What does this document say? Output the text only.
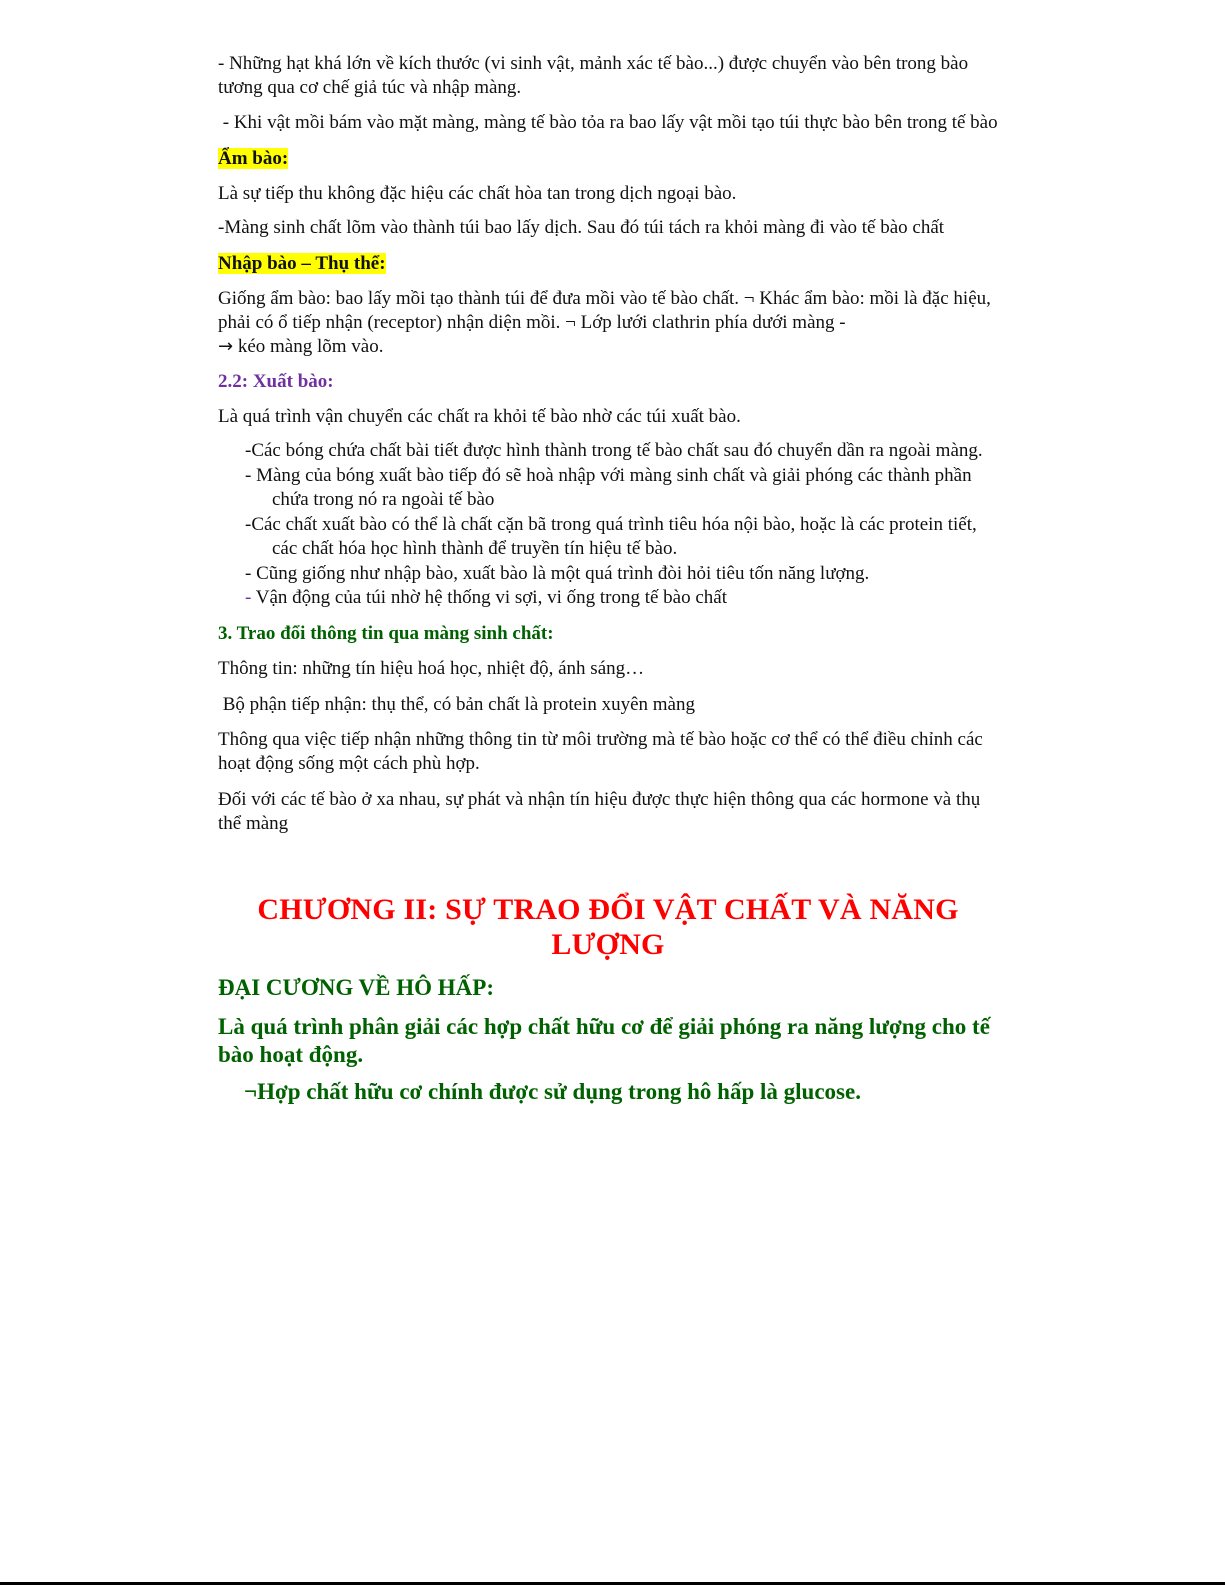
- Những hạt khá lớn về kích thước (vi sinh vật, mảnh xác tế bào...) được chuyển vào bên trong bào tương qua cơ chế giả túc và nhập màng.

- Khi vật mồi bám vào mặt màng, màng tế bào tỏa ra bao lấy vật mồi tạo túi thực bào bên trong tế bào

Ẩm bào:

Là sự tiếp thu không đặc hiệu các chất hòa tan trong dịch ngoại bào.

-Màng sinh chất lõm vào thành túi bao lấy dịch. Sau đó túi tách ra khỏi màng đi vào tế bào chất

Nhập bào – Thụ thể:

Giống ẩm bào: bao lấy mồi tạo thành túi để đưa mồi vào tế bào chất. ¬ Khác ẩm bào: mồi là đặc hiệu, phải có ổ tiếp nhận (receptor) nhận diện mồi. ¬ Lớp lưới clathrin phía dưới màng -
→ kéo màng lõm vào.

2.2: Xuất bào:

Là quá trình vận chuyển các chất ra khỏi tế bào nhờ các túi xuất bào.

-Các bóng chứa chất bài tiết được hình thành trong tế bào chất sau đó chuyển dần ra ngoài màng.
- Màng của bóng xuất bào tiếp đó sẽ hoà nhập với màng sinh chất và giải phóng các thành phần chứa trong nó ra ngoài tế bào
-Các chất xuất bào có thể là chất cặn bã trong quá trình tiêu hóa nội bào, hoặc là các protein tiết, các chất hóa học hình thành để truyền tín hiệu tế bào.
- Cũng giống như nhập bào, xuất bào là một quá trình đòi hỏi tiêu tốn năng lượng.
- Vận động của túi nhờ hệ thống vi sợi, vi ống trong tế bào chất

3. Trao đổi thông tin qua màng sinh chất:

Thông tin: những tín hiệu hoá học, nhiệt độ, ánh sáng…

Bộ phận tiếp nhận: thụ thể, có bản chất là protein xuyên màng

Thông qua việc tiếp nhận những thông tin từ môi trường mà tế bào hoặc cơ thể có thể điều chỉnh các hoạt động sống một cách phù hợp.

Đối với các tế bào ở xa nhau, sự phát và nhận tín hiệu được thực hiện thông qua các hormone và thụ thể màng

CHƯƠNG II: SỰ TRAO ĐỔI VẬT CHẤT VÀ NĂNG
LƯỢNG

ĐẠI CƯƠNG VỀ HÔ HẤP:

Là quá trình phân giải các hợp chất hữu cơ để giải phóng ra năng lượng cho tế bào hoạt động.

¬Hợp chất hữu cơ chính được sử dụng trong hô hấp là glucose.
